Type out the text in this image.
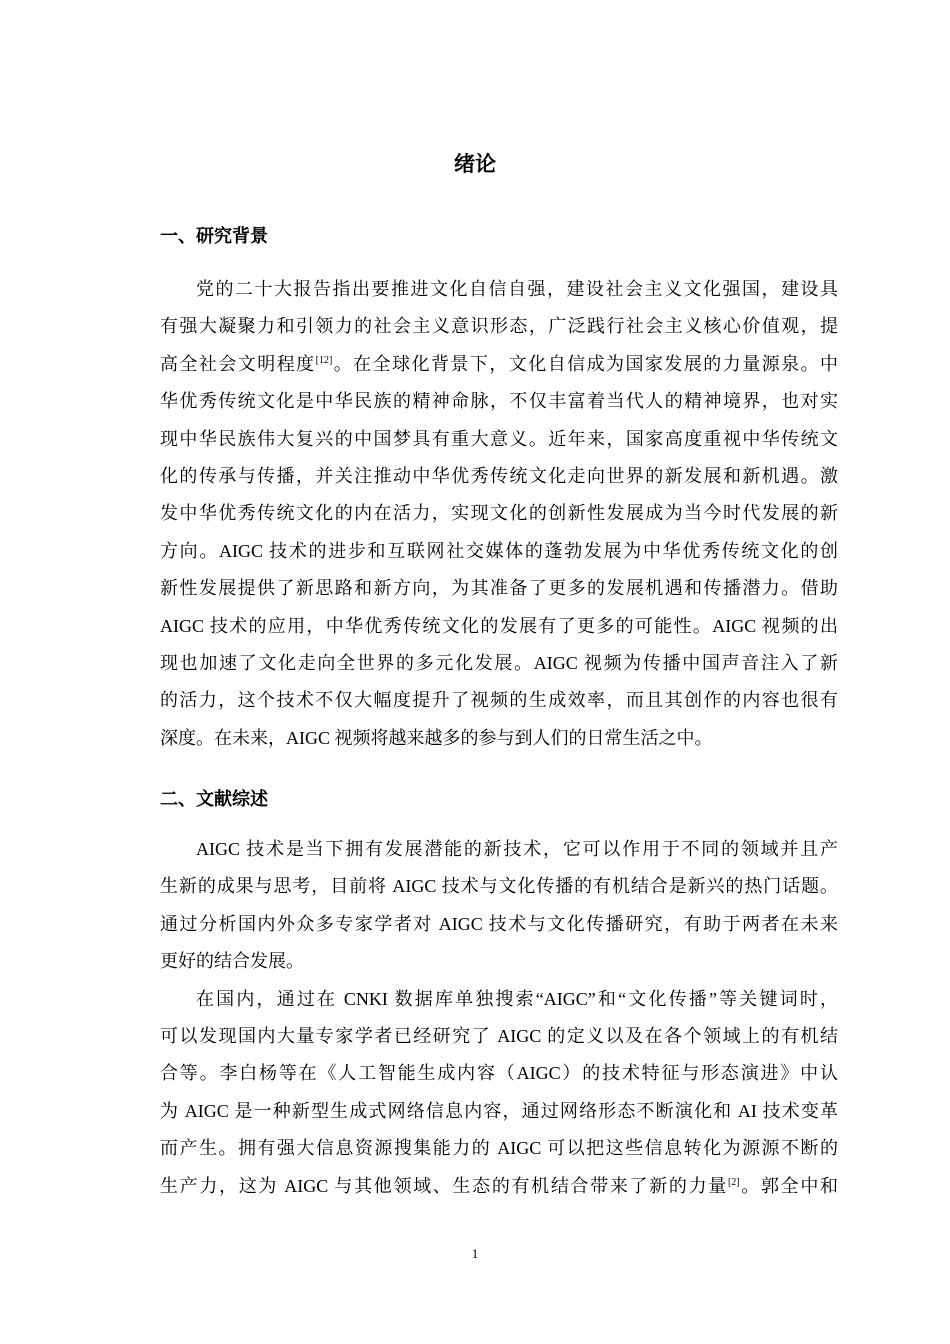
绪论
一、研究背景
党的二十大报告指出要推进文化自信自强，建设社会主义文化强国，建设具
有强大凝聚力和引领力的社会主义意识形态，广泛践行社会主义核心价值观，提
高全社会文明程度[12]。在全球化背景下，文化自信成为国家发展的力量源泉。中
华优秀传统文化是中华民族的精神命脉，不仅丰富着当代人的精神境界，也对实
现中华民族伟大复兴的中国梦具有重大意义。近年来，国家高度重视中华传统文
化的传承与传播，并关注推动中华优秀传统文化走向世界的新发展和新机遇。激
发中华优秀传统文化的内在活力，实现文化的创新性发展成为当今时代发展的新
方向。AIGC 技术的进步和互联网社交媒体的蓬勃发展为中华优秀传统文化的创
新性发展提供了新思路和新方向，为其准备了更多的发展机遇和传播潜力。借助
AIGC 技术的应用，中华优秀传统文化的发展有了更多的可能性。AIGC 视频的出
现也加速了文化走向全世界的多元化发展。AIGC 视频为传播中国声音注入了新
的活力，这个技术不仅大幅度提升了视频的生成效率，而且其创作的内容也很有
深度。在未来，AIGC 视频将越来越多的参与到人们的日常生活之中。
二、文献综述
AIGC 技术是当下拥有发展潜能的新技术，它可以作用于不同的领域并且产
生新的成果与思考，目前将 AIGC 技术与文化传播的有机结合是新兴的热门话题。
通过分析国内外众多专家学者对 AIGC 技术与文化传播研究，有助于两者在未来
更好的结合发展。
在国内，通过在 CNKI 数据库单独搜索“AIGC”和“文化传播”等关键词时，
可以发现国内大量专家学者已经研究了 AIGC 的定义以及在各个领域上的有机结
合等。李白杨等在《人工智能生成内容（AIGC）的技术特征与形态演进》中认
为 AIGC 是一种新型生成式网络信息内容，通过网络形态不断演化和 AI 技术变革
而产生。拥有强大信息资源搜集能力的 AIGC 可以把这些信息转化为源源不断的
生产力，这为 AIGC 与其他领域、生态的有机结合带来了新的力量[2]。郭全中和
1
